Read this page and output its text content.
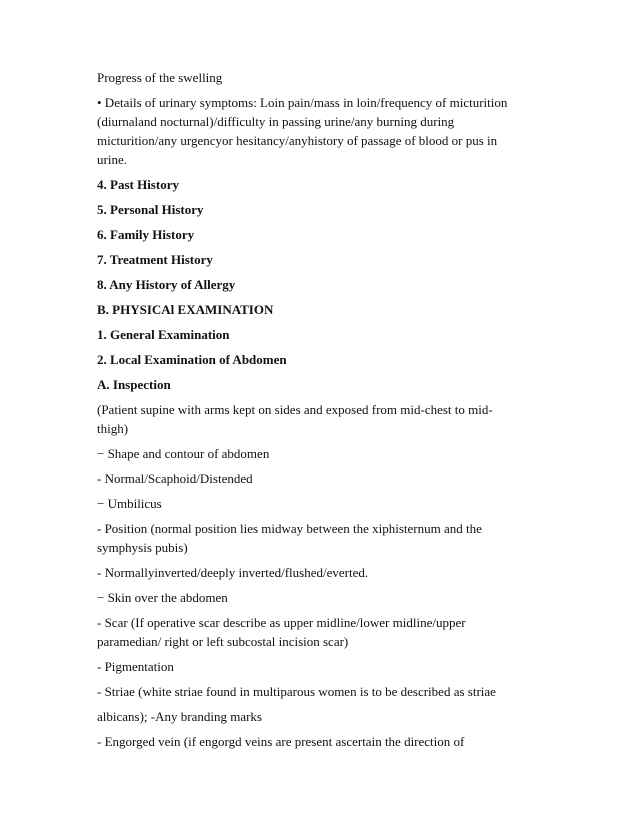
Progress of the swelling

• Details of urinary symptoms: Loin pain/mass in loin/frequency of micturition
(diurnaland nocturnal)/difficulty in passing urine/any burning during
micturition/any urgencyor hesitancy/anyhistory of passage of blood or pus in
urine.

4. Past History

5. Personal History

6. Family History

7. Treatment History

8. Any History of Allergy

B. PHYSICAl EXAMINATION

1. General Examination

2. Local Examination of Abdomen

A. Inspection

(Patient supine with arms kept on sides and exposed from mid-chest to mid-
thigh)

− Shape and contour of abdomen

- Normal/Scaphoid/Distended

− Umbilicus

- Position (normal position lies midway between the xiphisternum and the
symphysis pubis)

- Normallyinverted/deeply inverted/flushed/everted.

− Skin over the abdomen

- Scar (If operative scar describe as upper midline/lower midline/upper
paramedian/ right or left subcostal incision scar)

- Pigmentation

- Striae (white striae found in multiparous women is to be described as striae

albicans); -Any branding marks

- Engorged vein (if engorgd veins are present ascertain the direction of
